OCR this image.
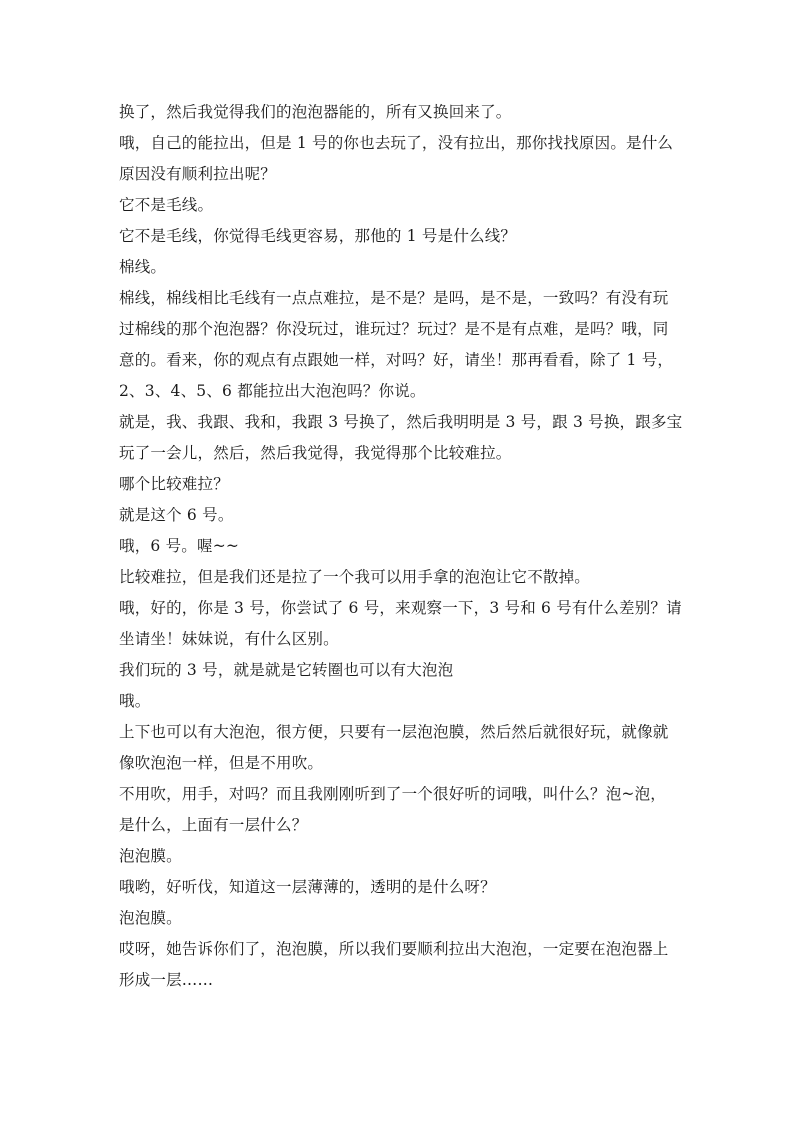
换了，然后我觉得我们的泡泡器能的，所有又换回来了。
哦，自己的能拉出，但是 1 号的你也去玩了，没有拉出，那你找找原因。是什么
原因没有顺利拉出呢？
它不是毛线。
它不是毛线，你觉得毛线更容易，那他的 1 号是什么线？
棉线。
棉线，棉线相比毛线有一点点难拉，是不是？是吗，是不是，一致吗？有没有玩
过棉线的那个泡泡器？你没玩过，谁玩过？玩过？是不是有点难，是吗？哦，同
意的。看来，你的观点有点跟她一样，对吗？好，请坐！那再看看，除了 1 号，
2、3、4、5、6 都能拉出大泡泡吗？你说。
就是，我、我跟、我和，我跟 3 号换了，然后我明明是 3 号，跟 3 号换，跟多宝
玩了一会儿，然后，然后我觉得，我觉得那个比较难拉。
哪个比较难拉？
就是这个 6 号。
哦，6 号。喔~~
比较难拉，但是我们还是拉了一个我可以用手拿的泡泡让它不散掉。
哦，好的，你是 3 号，你尝试了 6 号，来观察一下，3 号和 6 号有什么差别？请
坐请坐！妹妹说，有什么区别。
我们玩的 3 号，就是就是它转圈也可以有大泡泡
哦。
上下也可以有大泡泡，很方便，只要有一层泡泡膜，然后然后就很好玩，就像就
像吹泡泡一样，但是不用吹。
不用吹，用手，对吗？而且我刚刚听到了一个很好听的词哦，叫什么？泡~泡，
是什么，上面有一层什么？
泡泡膜。
哦哟，好听伐，知道这一层薄薄的，透明的是什么呀？
泡泡膜。
哎呀，她告诉你们了，泡泡膜，所以我们要顺利拉出大泡泡，一定要在泡泡器上
形成一层……
